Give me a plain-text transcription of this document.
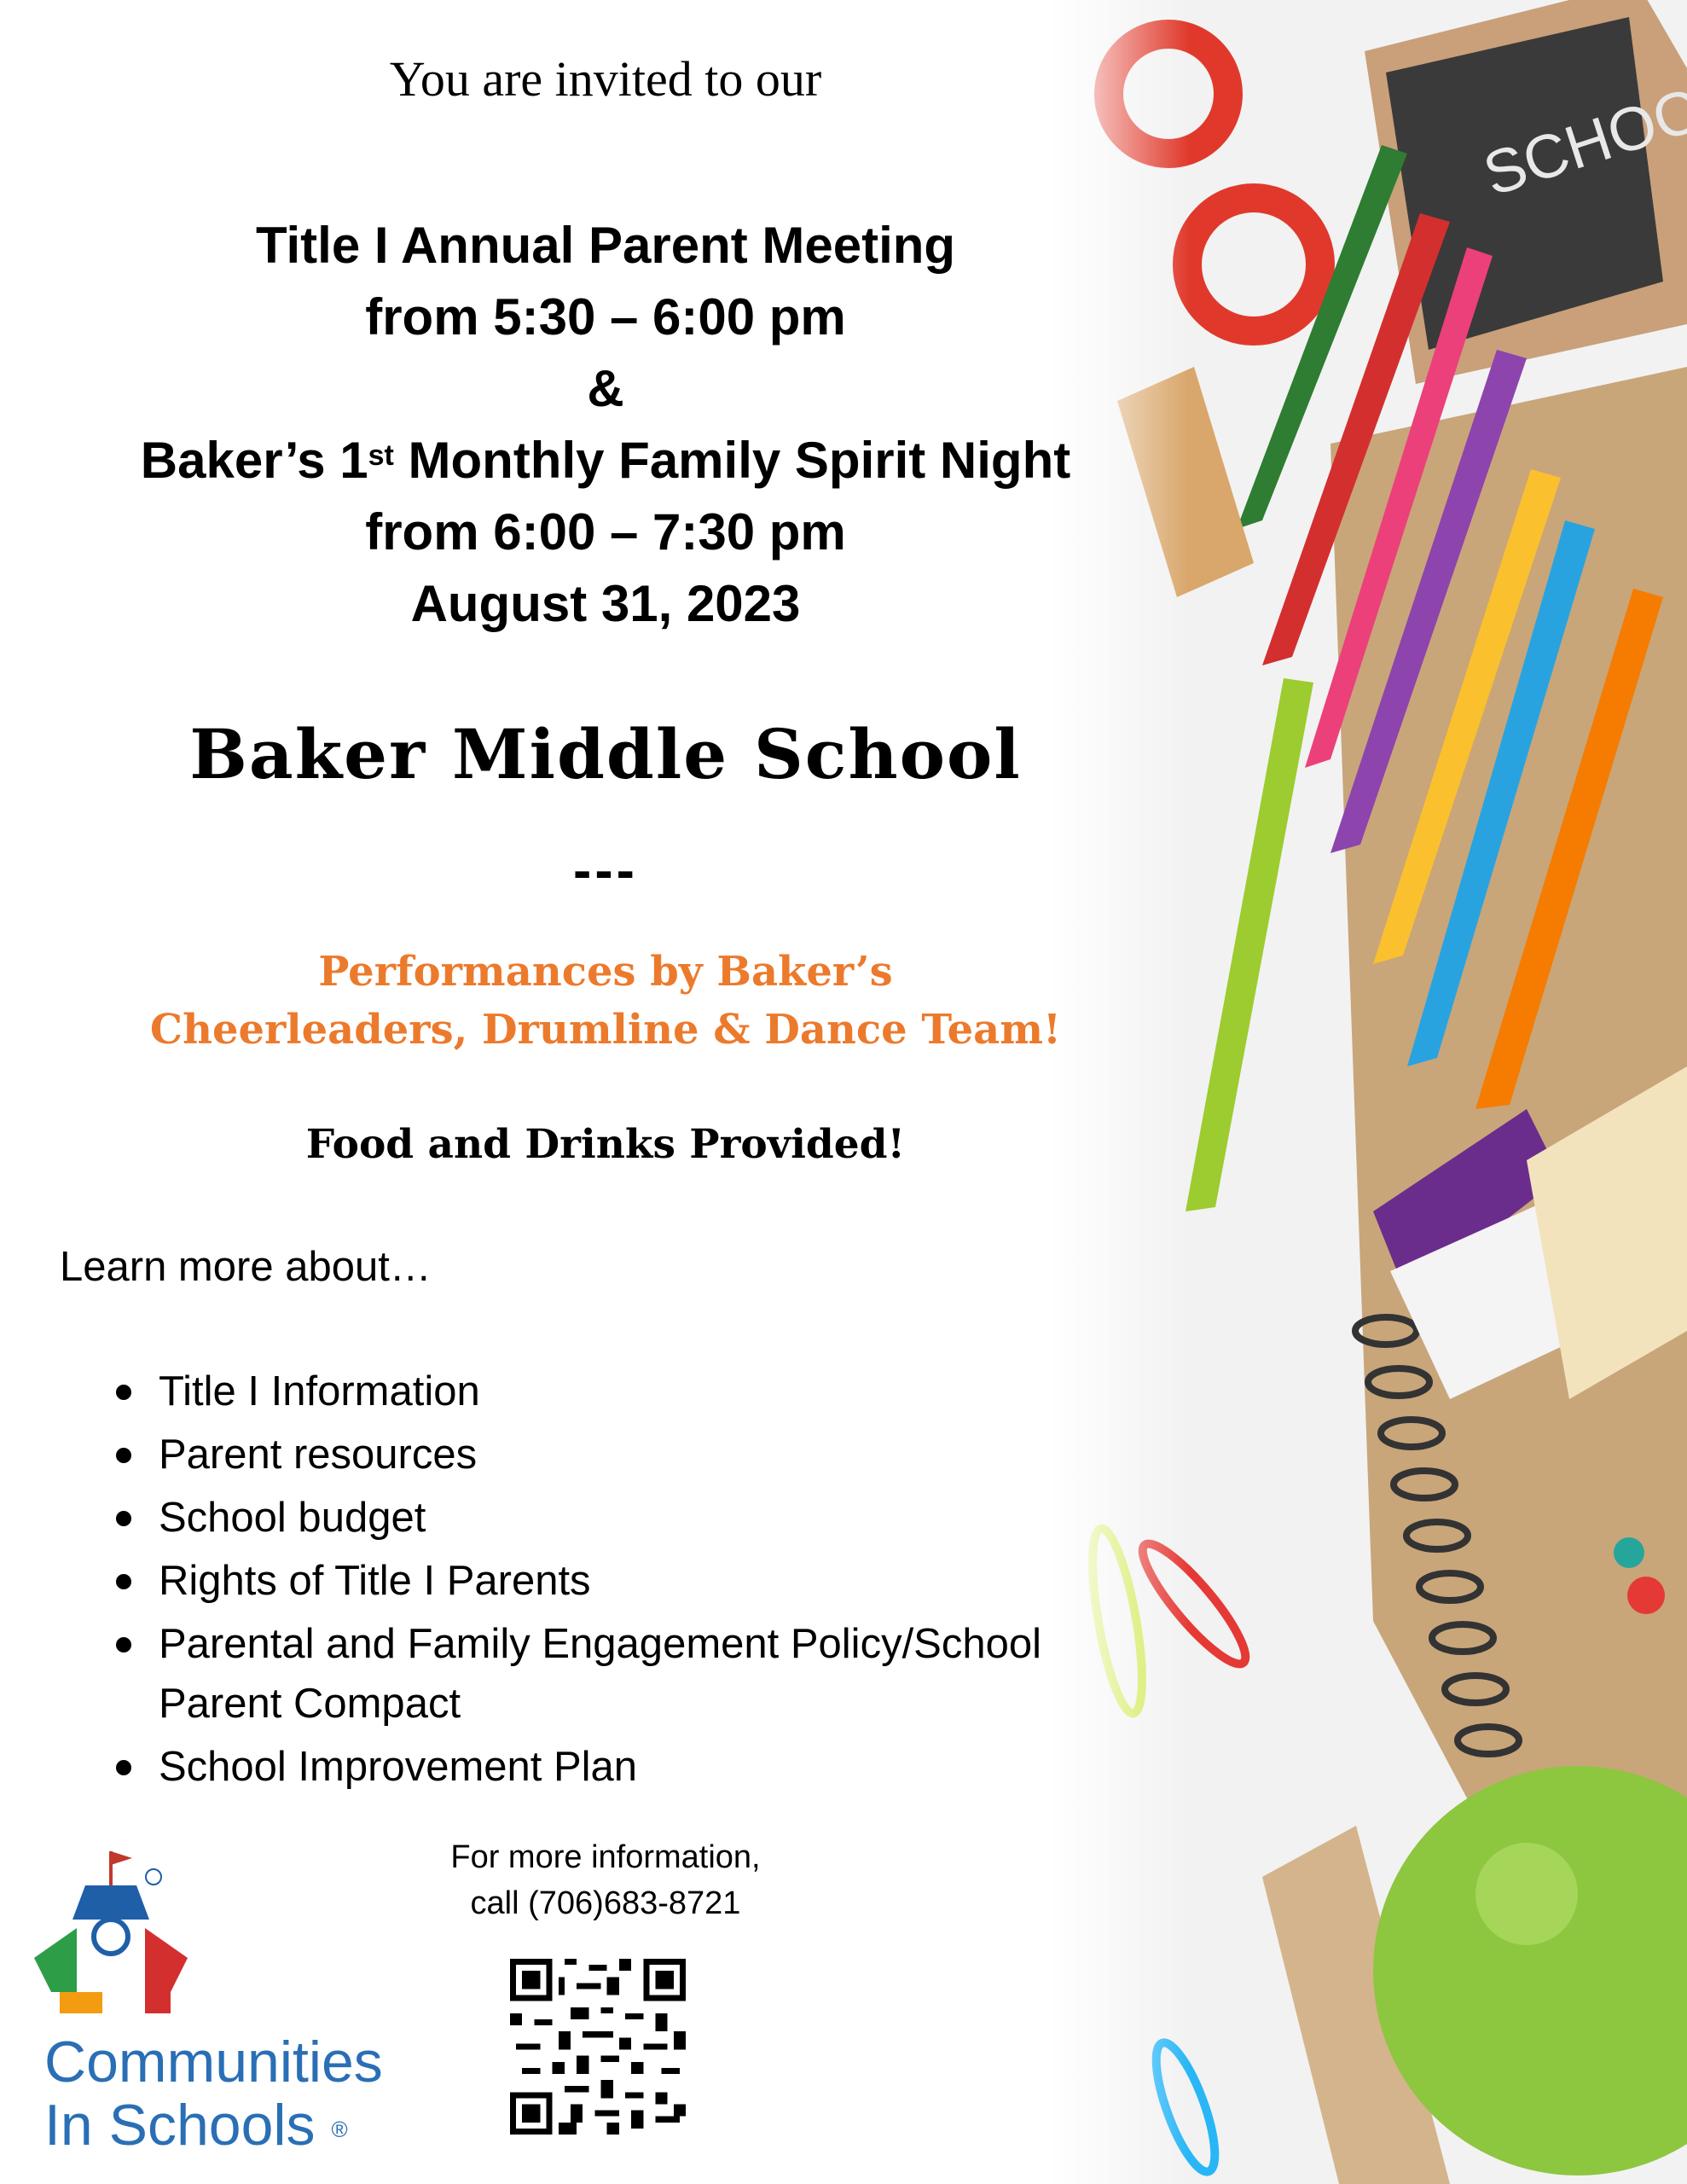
You are invited to our
Title I Annual Parent Meeting
from 5:30 – 6:00 pm
&
Baker’s 1st Monthly Family Spirit Night
from 6:00 – 7:30 pm
August 31, 2023
Baker Middle School
---
Performances by Baker’s
Cheerleaders, Drumline & Dance Team!
Food and Drinks Provided!
Learn more about…
Title I Information
Parent resources
School budget
Rights of Title I Parents
Parental and Family Engagement Policy/School Parent Compact
School Improvement Plan
For more information,
call (706)683-8721
Communities
In Schools ®
